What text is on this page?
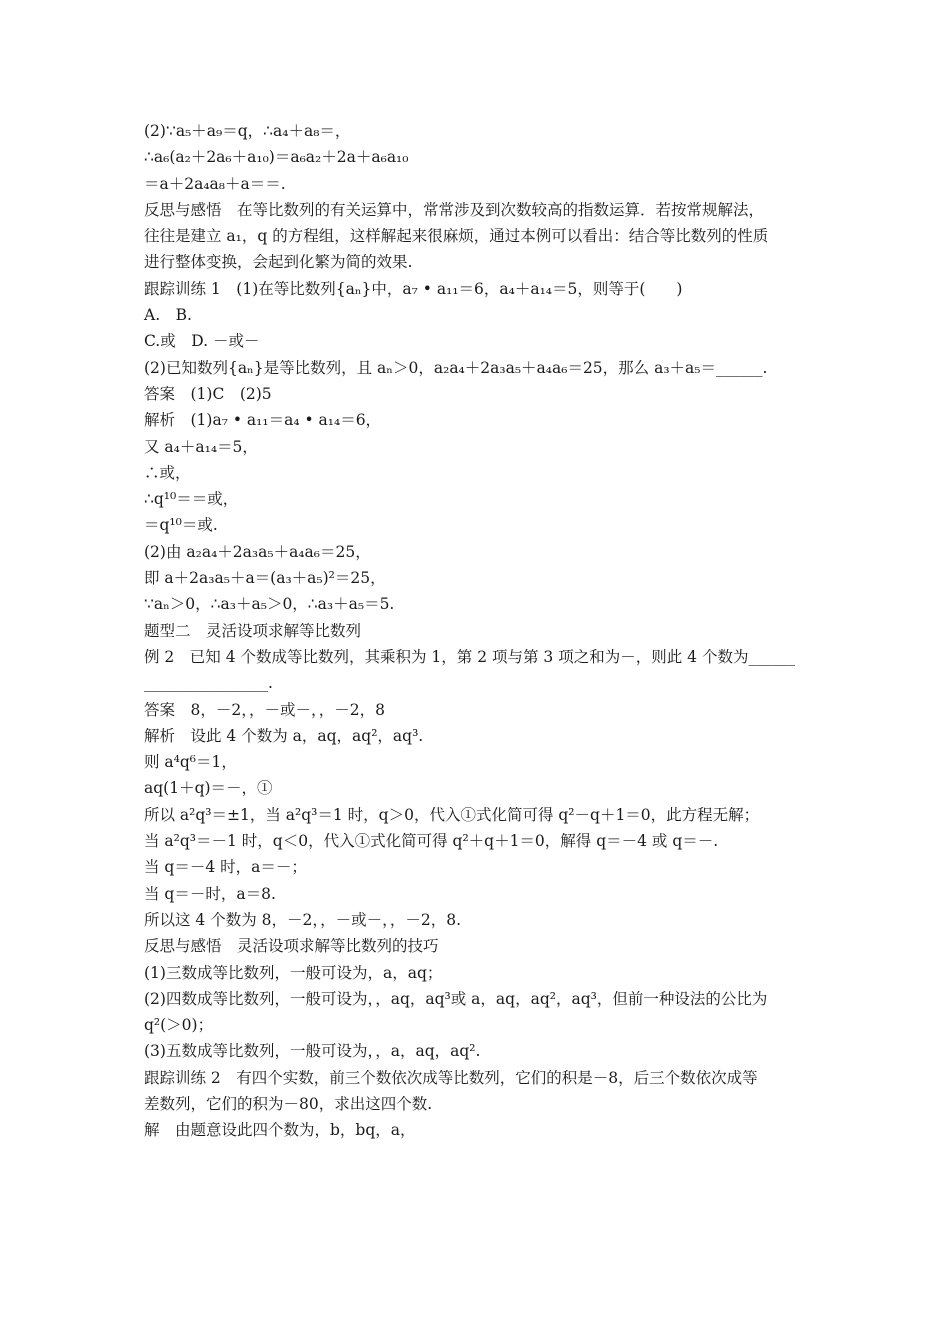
(2)∵a₅＋a₉＝q，∴a₄＋a₈＝，
∴a₆(a₂＋2a₆＋a₁₀)＝a₆a₂＋2a＋a₆a₁₀
＝a＋2a₄a₈＋a＝＝.
反思与感悟　在等比数列的有关运算中，常常涉及到次数较高的指数运算．若按常规解法，
往往是建立 a₁，q 的方程组，这样解起来很麻烦，通过本例可以看出：结合等比数列的性质
进行整体变换，会起到化繁为简的效果.
跟踪训练 1　(1)在等比数列{aₙ}中，a₇ • a₁₁＝6，a₄＋a₁₄＝5，则等于(　　)
A.　B.
C.或　D. －或－
(2)已知数列{aₙ}是等比数列，且 aₙ＞0，a₂a₄＋2a₃a₅＋a₄a₆＝25，那么 a₃＋a₅＝______.
答案　(1)C　(2)5
解析　(1)a₇ • a₁₁＝a₄ • a₁₄＝6，
又 a₄＋a₁₄＝5，
∴或，
∴q¹⁰＝＝或，
＝q¹⁰＝或.
(2)由 a₂a₄＋2a₃a₅＋a₄a₆＝25，
即 a＋2a₃a₅＋a＝(a₃＋a₅)²＝25，
∵aₙ＞0，∴a₃＋a₅＞0，∴a₃＋a₅＝5.
题型二　灵活设项求解等比数列
例 2　已知 4 个数成等比数列，其乘积为 1，第 2 项与第 3 项之和为－，则此 4 个数为______
________________.
答案　8，－2，，－或－，，－2，8
解析　设此 4 个数为 a，aq，aq²，aq³.
则 a⁴q⁶＝1，
aq(1＋q)＝－，①
所以 a²q³＝±1，当 a²q³＝1 时，q＞0，代入①式化简可得 q²－q＋1＝0，此方程无解；
当 a²q³＝－1 时，q＜0，代入①式化简可得 q²＋q＋1＝0，解得 q＝－4 或 q＝－.
当 q＝－4 时，a＝－；
当 q＝－时，a＝8.
所以这 4 个数为 8，－2，，－或－，，－2，8.
反思与感悟　灵活设项求解等比数列的技巧
(1)三数成等比数列，一般可设为，a，aq；
(2)四数成等比数列，一般可设为，，aq，aq³或 a，aq，aq²，aq³，但前一种设法的公比为
q²(＞0)；
(3)五数成等比数列，一般可设为，，a，aq，aq².
跟踪训练 2　有四个实数，前三个数依次成等比数列，它们的积是－8，后三个数依次成等
差数列，它们的积为－80，求出这四个数.
解　由题意设此四个数为，b，bq，a，
